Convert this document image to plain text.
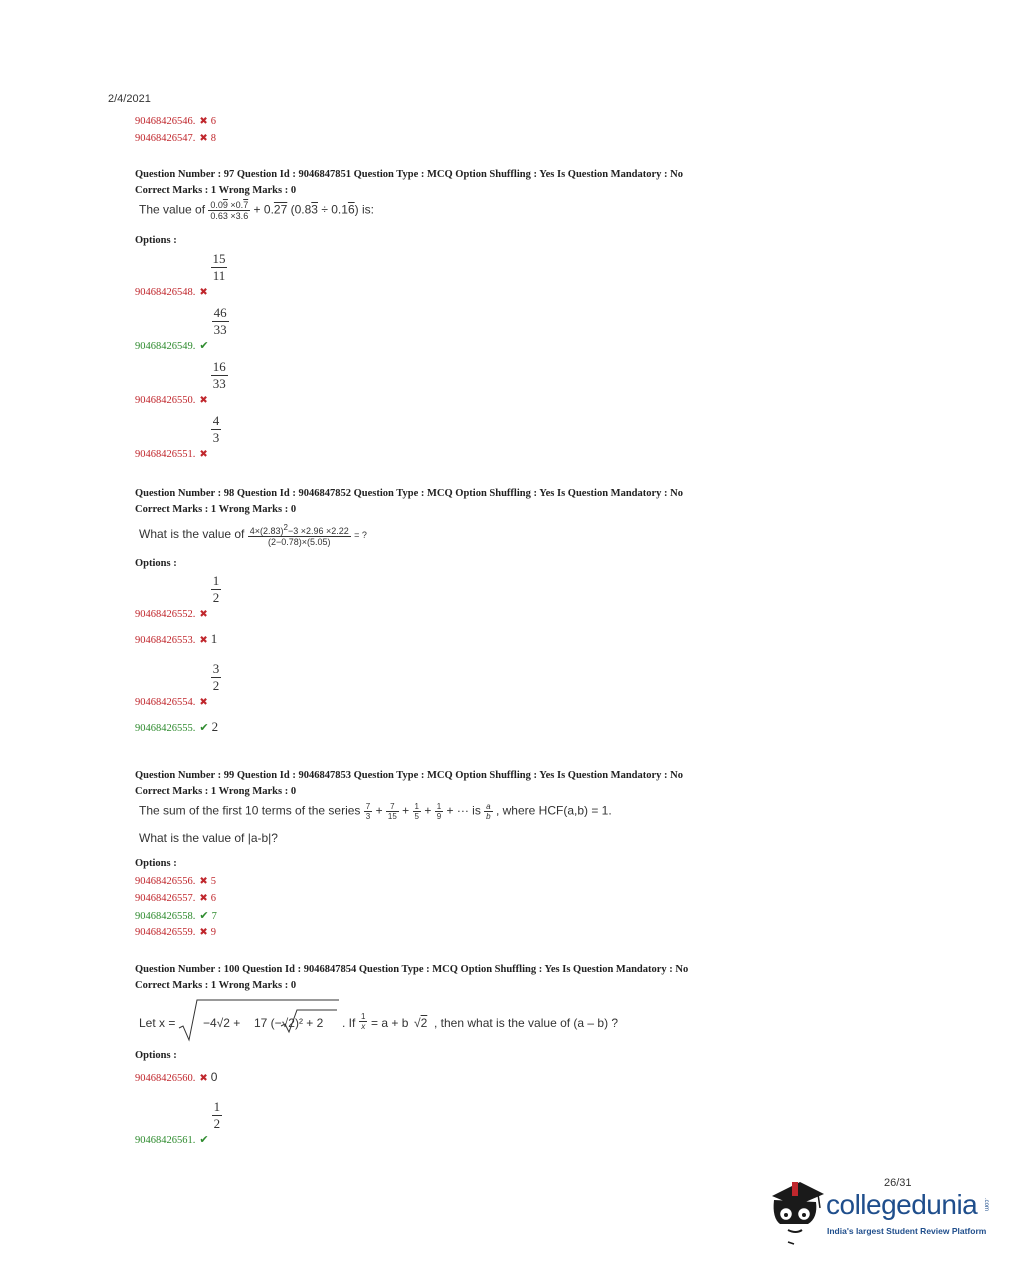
2/4/2021
90468426546. ✖ 6
90468426547. ✖ 8
Question Number : 97 Question Id : 9046847851 Question Type : MCQ Option Shuffling : Yes Is Question Mandatory : No
Correct Marks : 1 Wrong Marks : 0
The value of $\frac{0.09 \times 0.7}{0.63 \times 3.6} + 0.27$ (0.83 ÷ 0.16) is:
Options :
90468426548. ✖
$\frac{15}{11}$
90468426549. ✔
$\frac{46}{33}$
90468426550. ✖
$\frac{16}{33}$
90468426551. ✖
$\frac{4}{3}$
Question Number : 98 Question Id : 9046847852 Question Type : MCQ Option Shuffling : Yes Is Question Mandatory : No
Correct Marks : 1 Wrong Marks : 0
What is the value of $\frac{4\times(2.83)^2-3 \times 2.96 \times 2.22}{(2-0.78)\times(5.05)}$ = ?
Options :
90468426552. ✖
$\frac{1}{2}$
90468426553. ✖ 1
90468426554. ✖
$\frac{3}{2}$
90468426555. ✔ 2
Question Number : 99 Question Id : 9046847853 Question Type : MCQ Option Shuffling : Yes Is Question Mandatory : No
Correct Marks : 1 Wrong Marks : 0
The sum of the first 10 terms of the series $\frac{7}{3} + \frac{7}{15} + \frac{1}{5} + \frac{1}{9}$ + ··· is $\frac{a}{b}$ , where HCF(a,b) = 1.
What is the value of |a-b|?
Options :
90468426556. ✖ 5
90468426557. ✖ 6
90468426558. ✔ 7
90468426559. ✖ 9
Question Number : 100 Question Id : 9046847854 Question Type : MCQ Option Shuffling : Yes Is Question Mandatory : No
Correct Marks : 1 Wrong Marks : 0
Let x = −4√2 + 17 (−√2)² + 2 . If $\frac{1}{x} = a + b$ √2 , then what is the value of (a – b) ?
Options :
90468426560. ✖ 0
90468426561. ✔
$\frac{1}{2}$
26/31
collegedunia .com
India's largest Student Review Platform
